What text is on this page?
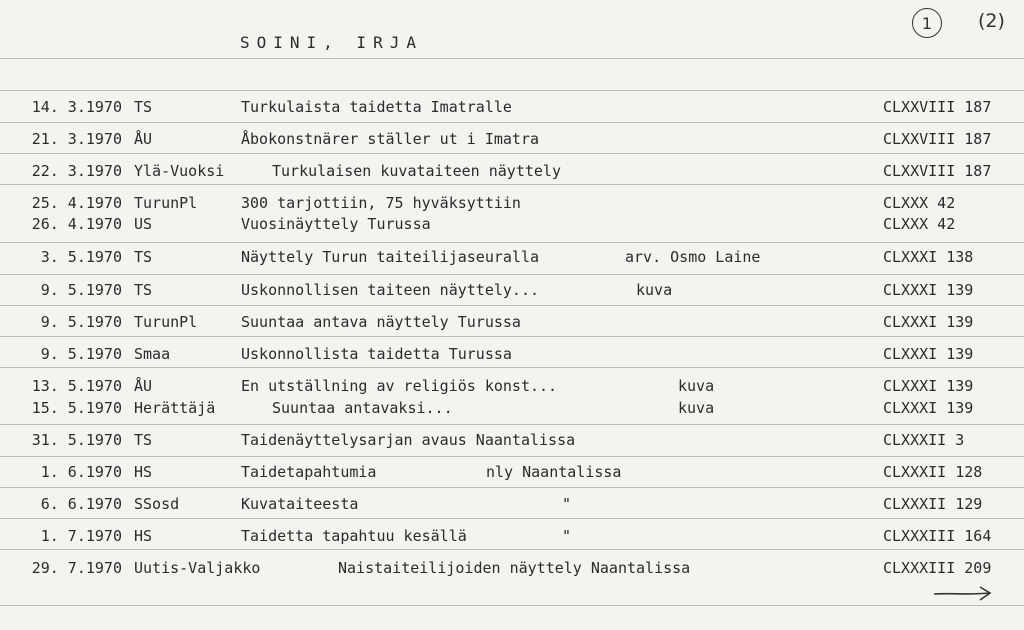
SOINI, IRJA
1	(2)
14. 3.1970 TS	Turkulaista taidetta Imatralle	CLXXVIII 187
21. 3.1970 ÅU	Åbokonstnärer ställer ut i Imatra	CLXXVIII 187
22. 3.1970 Ylä-Vuoksi	Turkulaisen kuvataiteen näyttely	CLXXVIII 187
25. 4.1970 TurunPl	300 tarjottiin, 75 hyväksyttiin	CLXXX 42
26. 4.1970 US	Vuosinäyttely Turussa	CLXXX 42
3. 5.1970 TS	Näyttely Turun taiteilijaseuralla	arv. Osmo Laine	CLXXXI 138
9. 5.1970 TS	Uskonnollisen taiteen näyttely...	kuva	CLXXXI 139
9. 5.1970 TurunPl	Suuntaa antava näyttely Turussa	CLXXXI 139
9. 5.1970 Smaa	Uskonnollista taidetta Turussa	CLXXXI 139
13. 5.1970 ÅU	En utställning av religiös konst...	kuva	CLXXXI 139
15. 5.1970 Herättäjä	Suuntaa antavaksi...	kuva	CLXXXI 139
31. 5.1970 TS	Taidenäyttelysarjan avaus Naantalissa	CLXXXII 3
1. 6.1970 HS	Taidetapahtumia	nly Naantalissa	CLXXXII 128
6. 6.1970 SSosd	Kuvataiteesta	"	CLXXXII 129
1. 7.1970 HS	Taidetta tapahtuu kesällä	"	CLXXXIII 164
29. 7.1970 Uutis-Valjakko	Naistaiteilijoiden näyttely Naantalissa	CLXXXIII 209
